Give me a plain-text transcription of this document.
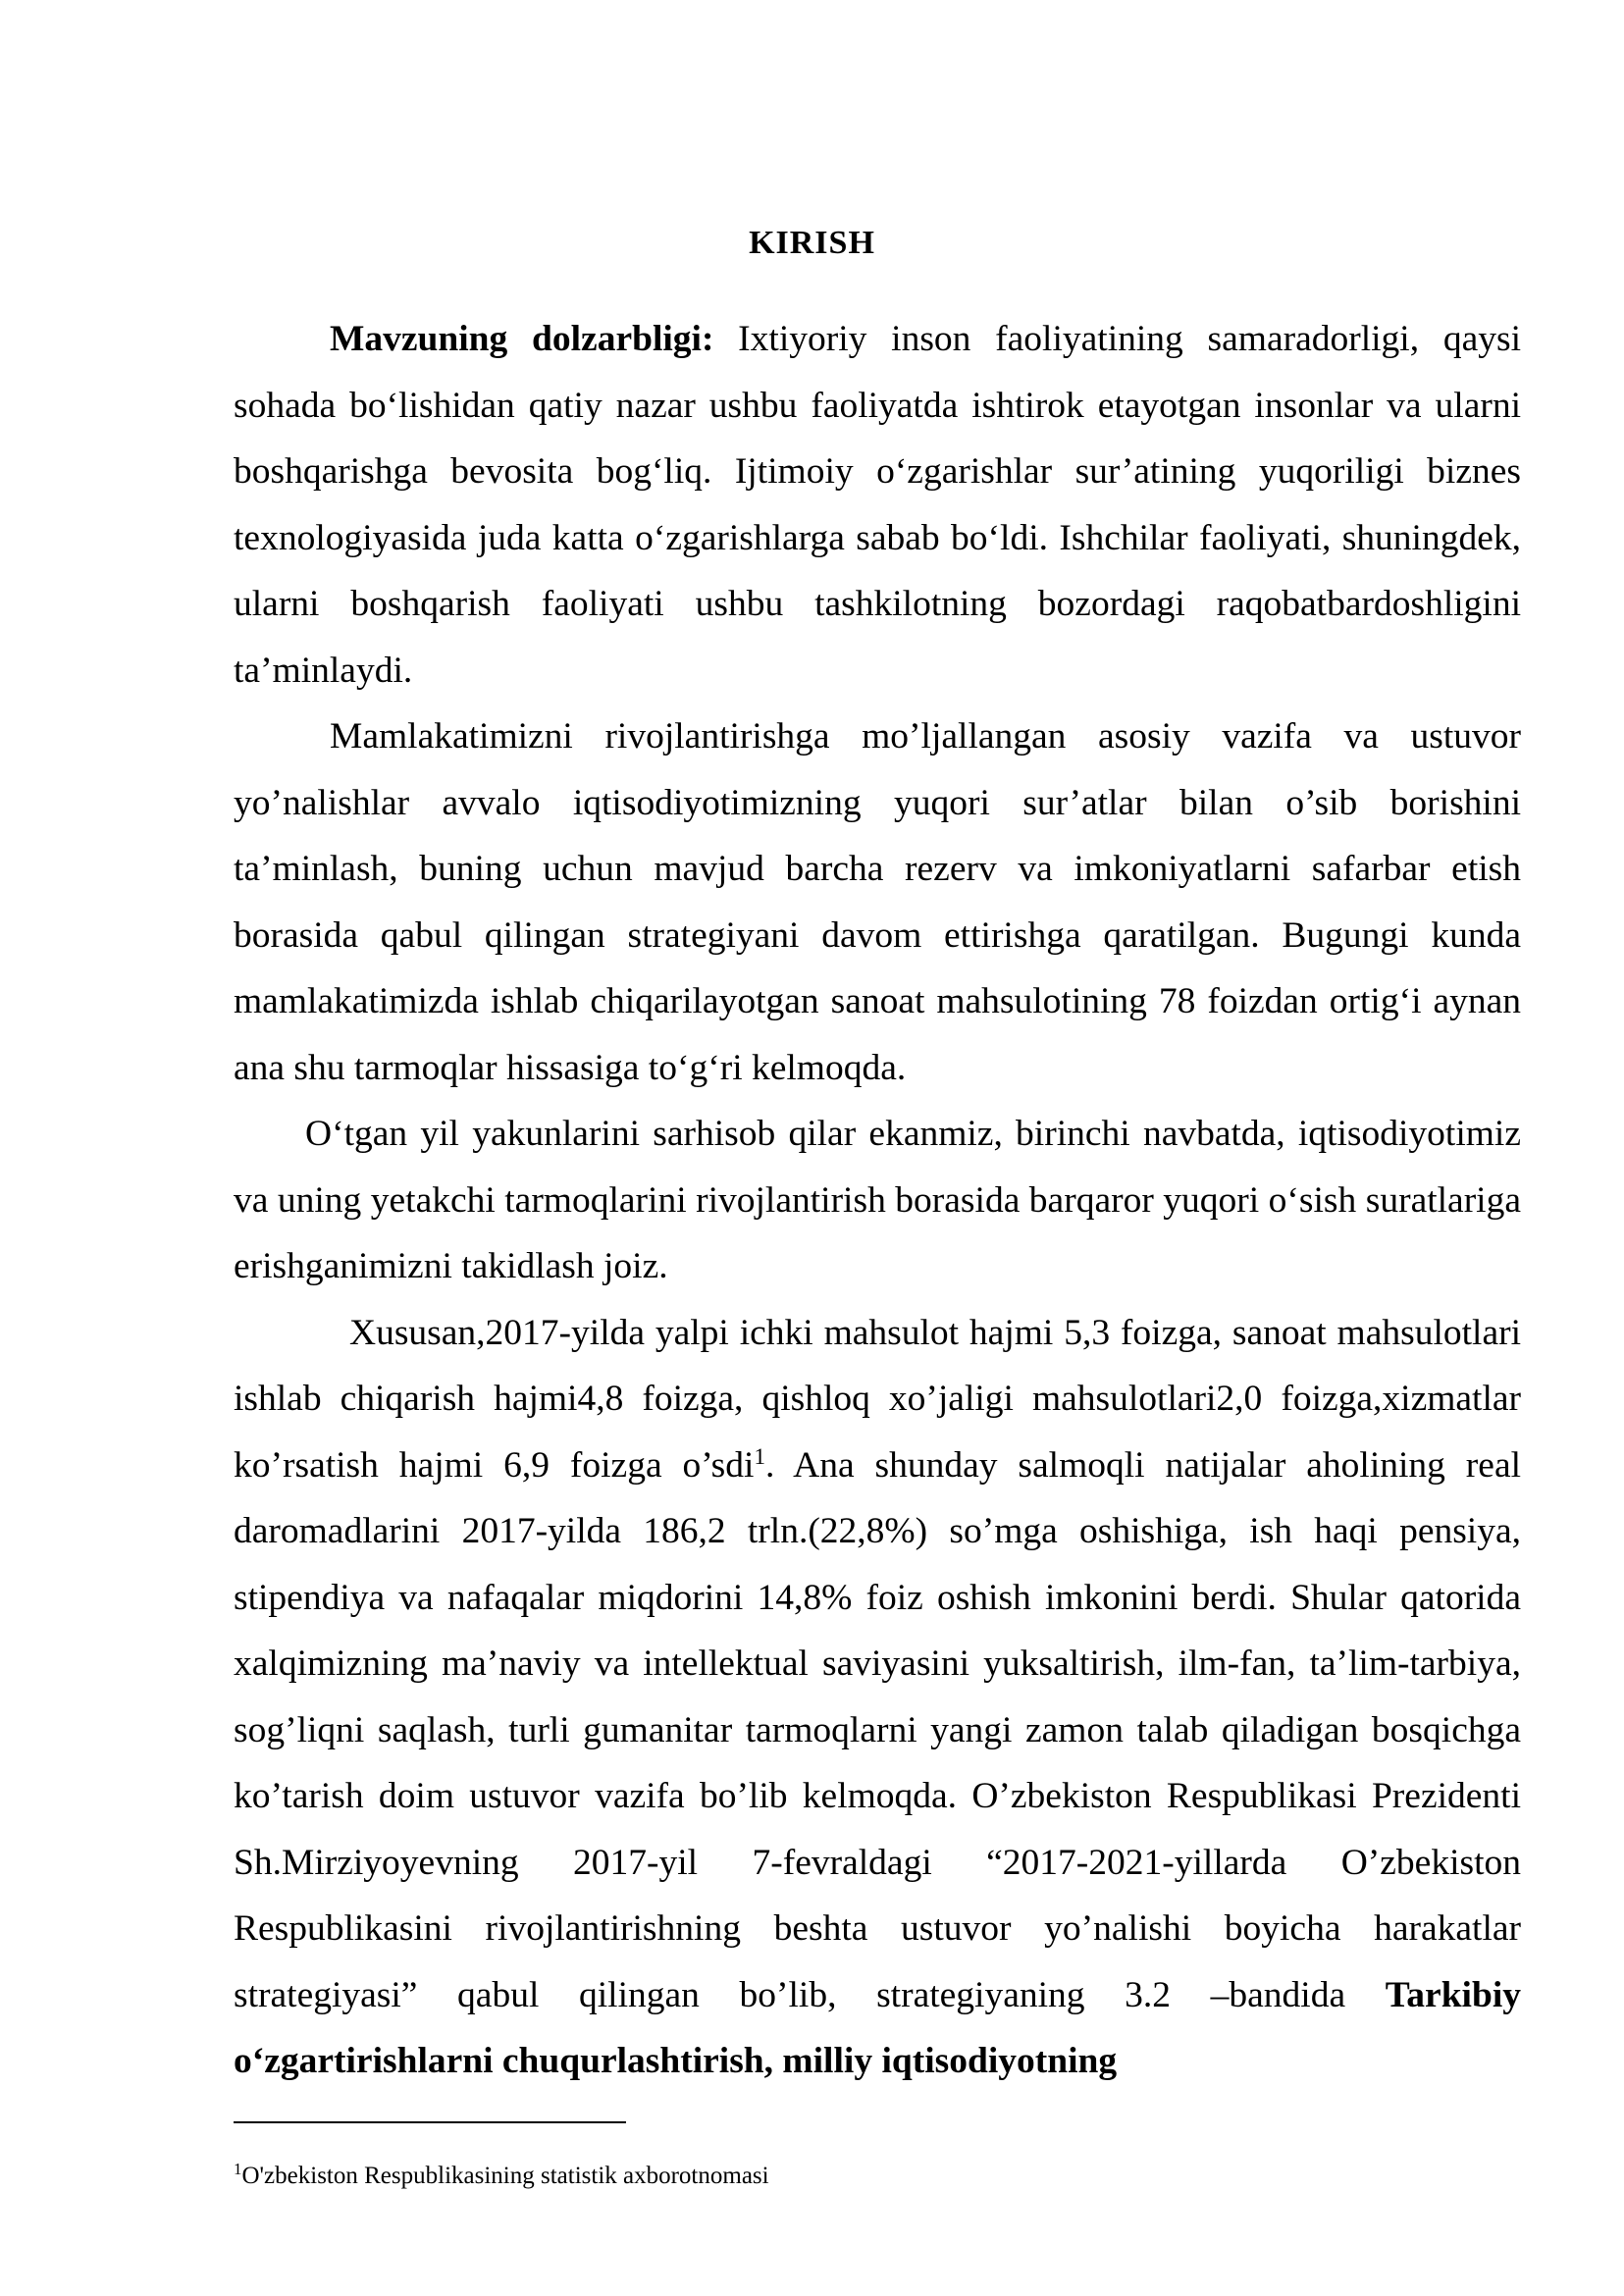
KIRISH

Mavzuning dolzarbligi: Ixtiyoriy inson faoliyatining samaradorligi, qaysi sohada bo‘lishidan qatiy nazar ushbu faoliyatda ishtirok etayotgan insonlar va ularni boshqarishga bevosita bog‘liq. Ijtimoiy o‘zgarishlar sur’atining yuqoriligi biznes texnologiyasida juda katta o‘zgarishlarga sabab bo‘ldi. Ishchilar faoliyati, shuningdek, ularni boshqarish faoliyati ushbu tashkilotning bozordagi raqobatbardoshligini ta’minlaydi.

Mamlakatimizni rivojlantirishga mo’ljallangan asosiy vazifa va ustuvor yo’nalishlar avvalo iqtisodiyotimizning yuqori sur’atlar bilan o’sib borishini ta’minlash, buning uchun mavjud barcha rezerv va imkoniyatlarni safarbar etish borasida qabul qilingan strategiyani davom ettirishga qaratilgan. Bugungi kunda mamlakatimizda ishlab chiqarilayotgan sanoat mahsulotining 78 foizdan ortig‘i aynan ana shu tarmoqlar hissasiga to‘g‘ri kelmoqda.

O‘tgan yil yakunlarini sarhisob qilar ekanmiz, birinchi navbatda, iqtisodiyotimiz va uning yetakchi tarmoqlarini rivojlantirish borasida barqaror yuqori o‘sish suratlariga erishganimizni takidlash joiz.

Xususan,2017-yilda yalpi ichki mahsulot hajmi 5,3 foizga, sanoat mahsulotlari ishlab chiqarish hajmi4,8 foizga, qishloq xo’jaligi mahsulotlari2,0 foizga,xizmatlar ko’rsatish hajmi 6,9 foizga o’sdi$^1$. Ana shunday salmoqli natijalar aholining real daromadlarini 2017-yilda 186,2 trln.(22,8%) so’mga oshishiga, ish haqi pensiya, stipendiya va nafaqalar miqdorini 14,8% foiz oshish imkonini berdi. Shular qatorida xalqimizning ma’naviy va intellektual saviyasini yuksaltirish, ilm-fan, ta’lim-tarbiya, sog’liqni saqlash, turli gumanitar tarmoqlarni yangi zamon talab qiladigan bosqichga ko’tarish doim ustuvor vazifa bo’lib kelmoqda. O’zbekiston Respublikasi Prezidenti Sh.Mirziyoyevning 2017-yil 7-fevraldagi “2017-2021-yillarda O’zbekiston Respublikasini rivojlantirishning beshta ustuvor yo’nalishi boyicha harakatlar strategiyasi” qabul qilingan bo’lib, strategiyaning 3.2 –bandida Tarkibiy o‘zgartirishlarni chuqurlashtirish, milliy iqtisodiyotning

$^1$O'zbekiston Respublikasining statistik axborotnomasi
